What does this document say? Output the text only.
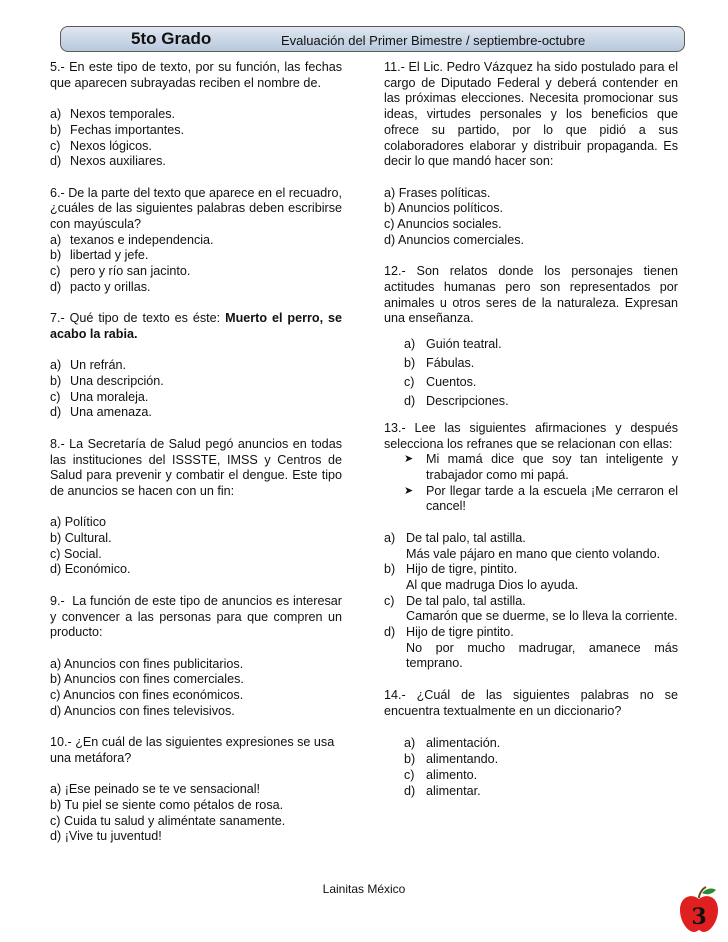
5to Grado	Evaluación del Primer Bimestre / septiembre-octubre
5.- En este tipo de texto, por su función, las fechas que aparecen subrayadas reciben el nombre de.
a) Nexos temporales.
b) Fechas importantes.
c) Nexos lógicos.
d) Nexos auxiliares.
6.- De la parte del texto que aparece en el recuadro, ¿cuáles de las siguientes palabras deben escribirse con mayúscula?
a) texanos e independencia.
b) libertad y jefe.
c) pero y río san jacinto.
d) pacto y orillas.
7.- Qué tipo de texto es éste: Muerto el perro, se acabo la rabia.
a) Un refrán.
b) Una descripción.
c) Una moraleja.
d) Una amenaza.
8.- La Secretaría de Salud pegó anuncios en todas las instituciones del ISSSTE, IMSS y Centros de Salud para prevenir y combatir el dengue. Este tipo de anuncios se hacen con un fin:
a) Político
b) Cultural.
c) Social.
d) Económico.
9.-  La función de este tipo de anuncios es interesar y convencer a las personas para que compren un producto:
a) Anuncios con fines publicitarios.
b) Anuncios con fines comerciales.
c) Anuncios con fines económicos.
d) Anuncios con fines televisivos.
10.- ¿En cuál de las siguientes expresiones se usa una metáfora?
a) ¡Ese peinado se te ve sensacional!
b) Tu piel se siente como pétalos de rosa.
c) Cuida tu salud y aliméntate sanamente.
d) ¡Vive tu juventud!
11.- El Lic. Pedro Vázquez ha sido postulado para el cargo de Diputado Federal y deberá contender en las próximas elecciones. Necesita promocionar sus ideas, virtudes personales y los beneficios que ofrece su partido, por lo que pidió a sus colaboradores elaborar y distribuir propaganda. Es decir lo que mandó hacer son:
a) Frases políticas.
b) Anuncios políticos.
c) Anuncios sociales.
d) Anuncios comerciales.
12.- Son relatos donde los personajes tienen actitudes humanas pero son representados por animales u otros seres de la naturaleza. Expresan una enseñanza.
a) Guión teatral.
b) Fábulas.
c) Cuentos.
d) Descripciones.
13.- Lee las siguientes afirmaciones y después selecciona los refranes que se relacionan con ellas:
➤	Mi mamá dice que soy tan inteligente y trabajador como mi papá.
➤	Por llegar tarde a la escuela ¡Me cerraron el cancel!
a) De tal palo, tal astilla.
Más vale pájaro en mano que ciento volando.
b) Hijo de tigre, pintito.
Al que madruga Dios lo ayuda.
c) De tal palo, tal astilla.
Camarón que se duerme, se lo lleva la corriente.
d) Hijo de tigre pintito.
No por mucho madrugar, amanece más temprano.
14.- ¿Cuál de las siguientes palabras no se encuentra textualmente en un diccionario?
a) alimentación.
b) alimentando.
c) alimento.
d) alimentar.
Lainitas México
3
